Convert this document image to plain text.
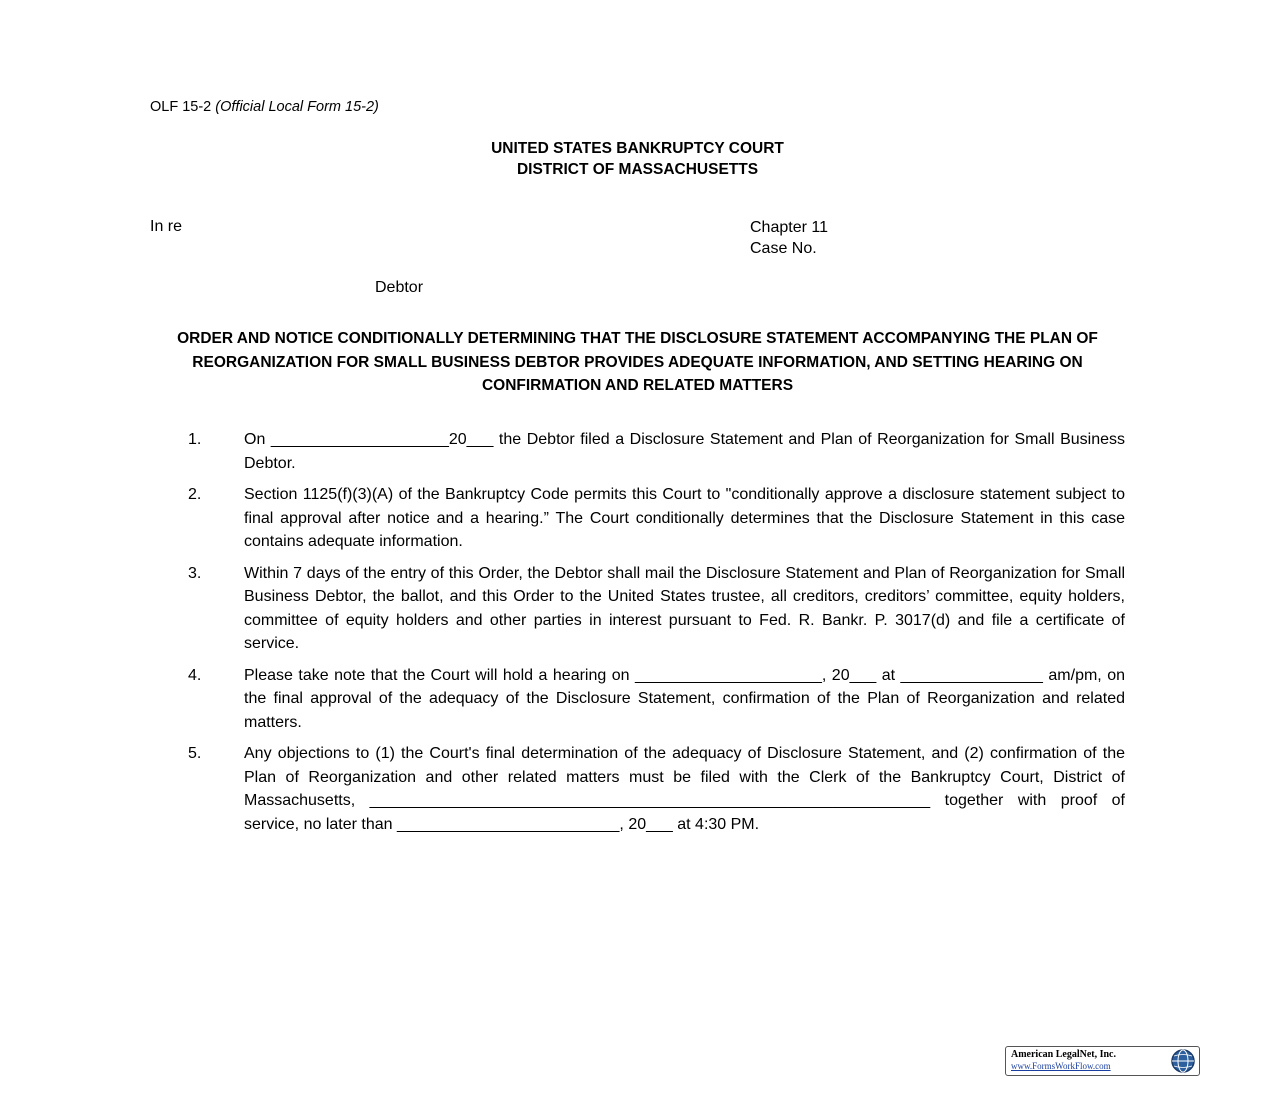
OLF 15-2 (Official Local Form 15-2)
UNITED STATES BANKRUPTCY COURT
DISTRICT OF MASSACHUSETTS
In re	Chapter 11
Case No.
Debtor
ORDER AND NOTICE CONDITIONALLY DETERMINING THAT THE DISCLOSURE STATEMENT ACCOMPANYING THE PLAN OF REORGANIZATION FOR SMALL BUSINESS DEBTOR PROVIDES ADEQUATE INFORMATION, AND SETTING HEARING ON CONFIRMATION AND RELATED MATTERS
1.	On ____________________20___ the Debtor filed a Disclosure Statement and Plan of Reorganization for Small Business Debtor.
2.	Section 1125(f)(3)(A) of the Bankruptcy Code permits this Court to "conditionally approve a disclosure statement subject to final approval after notice and a hearing.” The Court conditionally determines that the Disclosure Statement in this case contains adequate information.
3.	Within 7 days of the entry of this Order, the Debtor shall mail the Disclosure Statement and Plan of Reorganization for Small Business Debtor, the ballot, and this Order to the United States trustee, all creditors, creditors’ committee, equity holders, committee of equity holders and other parties in interest pursuant to Fed. R. Bankr. P. 3017(d) and file a certificate of service.
4.	Please take note that the Court will hold a hearing on _____________________, 20___ at ________________ am/pm, on the final approval of the adequacy of the Disclosure Statement, confirmation of the Plan of Reorganization and related matters.
5.	Any objections to (1) the Court's final determination of the adequacy of Disclosure Statement, and (2) confirmation of the Plan of Reorganization and other related matters must be filed with the Clerk of the Bankruptcy Court, District of Massachusetts, _______________________________________________________________ together with proof of service, no later than _________________________, 20___ at 4:30 PM.
American LegalNet, Inc.
www.FormsWorkFlow.com
